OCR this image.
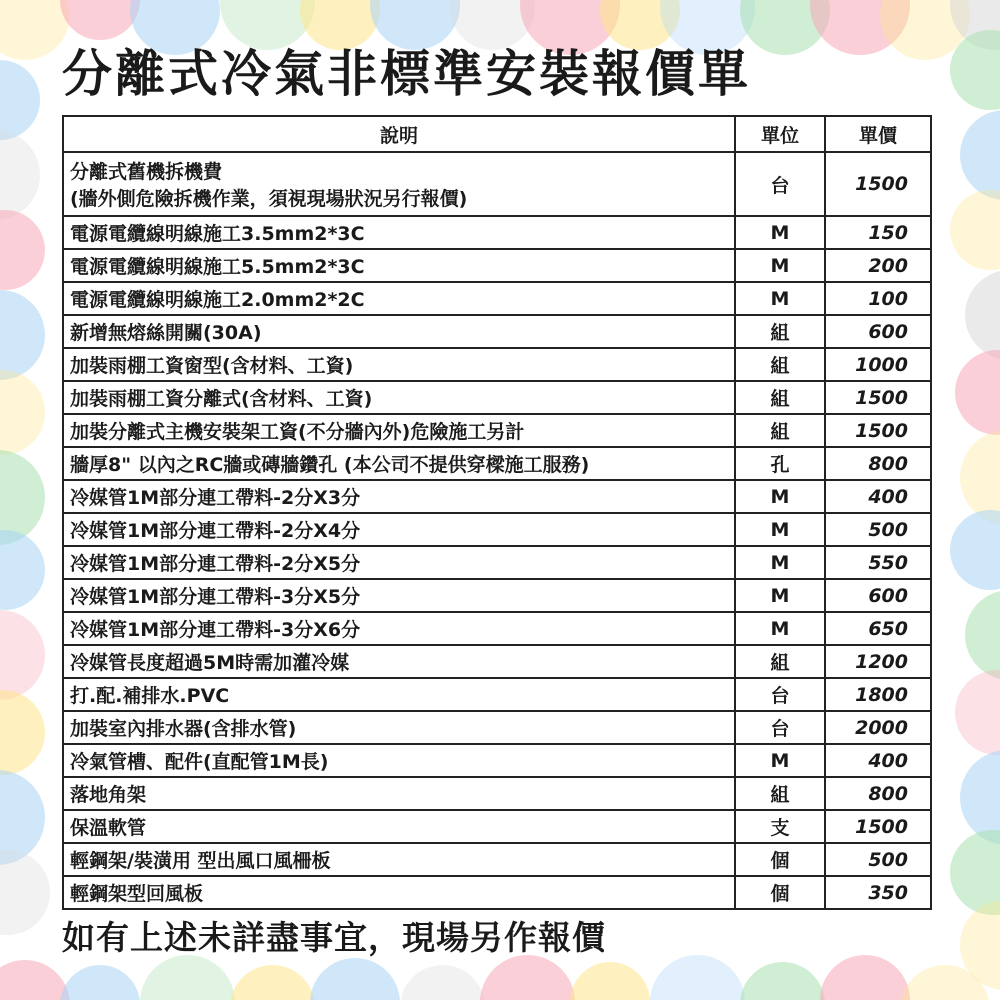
分離式冷氣非標準安裝報價單
說明	單位	單價

分離式舊機拆機費
(牆外側危險拆機作業，須視現場狀況另行報價)	台	1500
電源電纜線明線施工3.5mm2*3C	M	150
電源電纜線明線施工5.5mm2*3C	M	200
電源電纜線明線施工2.0mm2*2C	M	100
新增無熔絲開關(30A)	組	600
加裝雨棚工資窗型(含材料、工資)	組	1000
加裝雨棚工資分離式(含材料、工資)	組	1500
加裝分離式主機安裝架工資(不分牆內外)危險施工另計	組	1500
牆厚8" 以內之RC牆或磚牆鑽孔 (本公司不提供穿樑施工服務)	孔	800
冷媒管1M部分連工帶料-2分X3分	M	400
冷媒管1M部分連工帶料-2分X4分	M	500
冷媒管1M部分連工帶料-2分X5分	M	550
冷媒管1M部分連工帶料-3分X5分	M	600
冷媒管1M部分連工帶料-3分X6分	M	650
冷媒管長度超過5M時需加灌冷媒	組	1200
打.配.補排水.PVC	台	1800
加裝室內排水器(含排水管)	台	2000
冷氣管槽、配件(直配管1M長)	M	400
落地角架	組	800
保溫軟管	支	1500
輕鋼架/裝潢用 型出風口風柵板	個	500
輕鋼架型回風板	個	350

如有上述未詳盡事宜，現場另作報價
